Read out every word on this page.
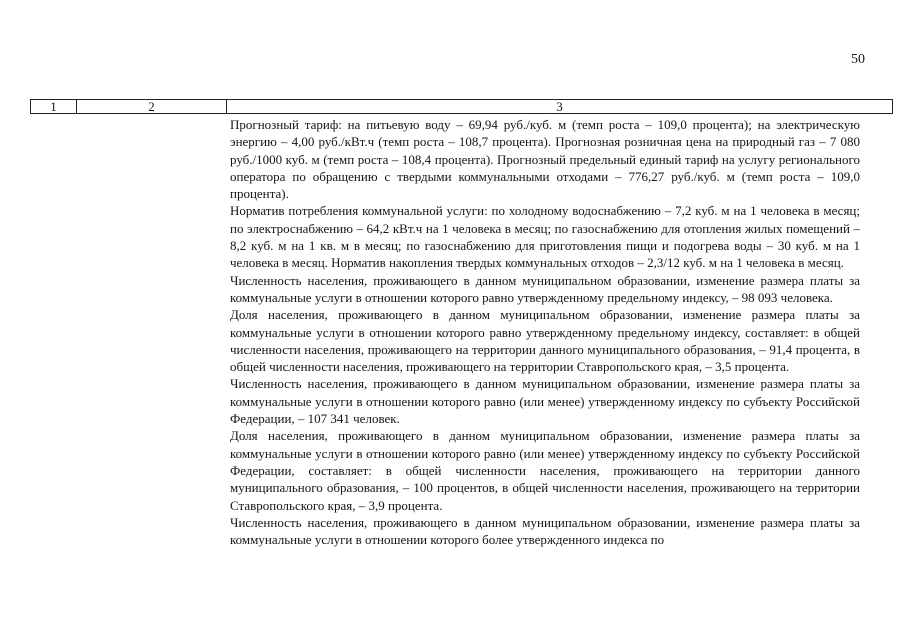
50
1	2	3

Прогнозный тариф: на питьевую воду – 69,94 руб./куб. м (темп роста – 109,0 процента); на электрическую энергию – 4,00 руб./кВт.ч (темп роста – 108,7 процента). Прогнозная розничная цена на природный газ – 7 080 руб./1000 куб. м (темп роста – 108,4 процента). Прогнозный предельный единый тариф на услугу регионального оператора по обращению с твердыми коммунальными отходами – 776,27 руб./куб. м (темп роста – 109,0 процента).

Норматив потребления коммунальной услуги: по холодному водоснабжению – 7,2 куб. м на 1 человека в месяц; по электроснабжению – 64,2 кВт.ч на 1 человека в месяц; по газоснабжению для отопления жилых помещений – 8,2 куб. м на 1 кв. м в месяц; по газоснабжению для приготовления пищи и подогрева воды – 30 куб. м на 1 человека в месяц. Норматив накопления твердых коммунальных отходов – 2,3/12 куб. м на 1 человека в месяц.

Численность населения, проживающего в данном муниципальном образовании, изменение размера платы за коммунальные услуги в отношении которого равно утвержденному предельному индексу, – 98 093 человека.

Доля населения, проживающего в данном муниципальном образовании, изменение размера платы за коммунальные услуги в отношении которого равно утвержденному предельному индексу, составляет: в общей численности населения, проживающего на территории данного муниципального образования, – 91,4 процента, в общей численности населения, проживающего на территории Ставропольского края, – 3,5 процента.

Численность населения, проживающего в данном муниципальном образовании, изменение размера платы за коммунальные услуги в отношении которого равно (или менее) утвержденному индексу по субъекту Российской Федерации, – 107 341 человек.

Доля населения, проживающего в данном муниципальном образовании, изменение размера платы за коммунальные услуги в отношении которого равно (или менее) утвержденному индексу по субъекту Российской Федерации, составляет: в общей численности населения, проживающего на территории данного муниципального образования, – 100 процентов, в общей численности населения, проживающего на территории Ставропольского края, – 3,9 процента.

Численность населения, проживающего в данном муниципальном образовании, изменение размера платы за коммунальные услуги в отношении которого более утвержденного индекса по
